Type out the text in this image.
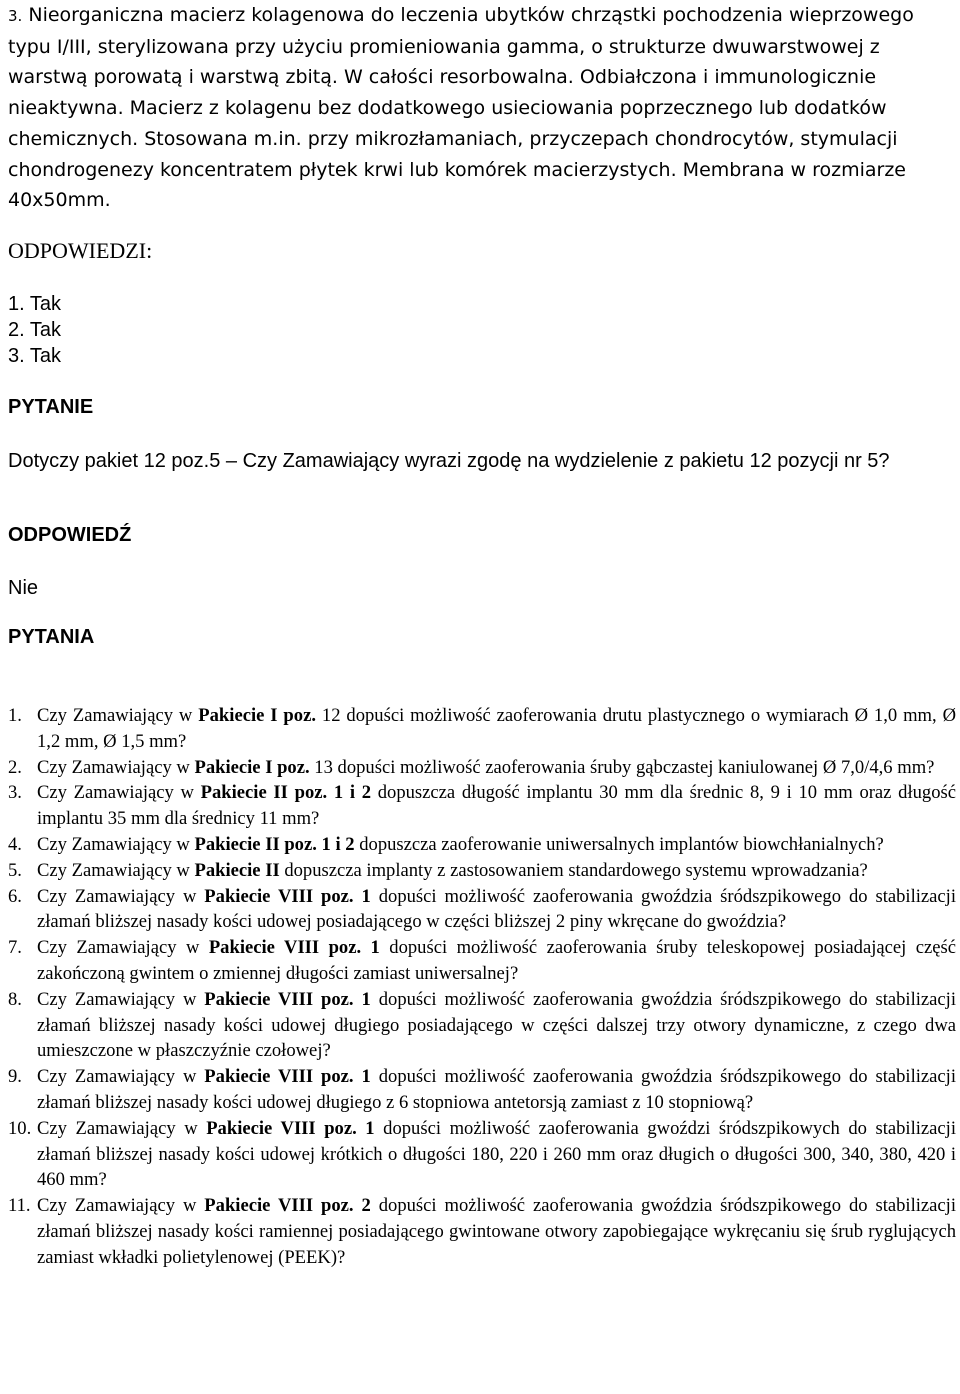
3. Nieorganiczna macierz kolagenowa do leczenia ubytków chrząstki pochodzenia wieprzowego typu I/III, sterylizowana przy użyciu promieniowania gamma, o strukturze dwuwarstwowej z warstwą porowatą i warstwą zbitą. W całości resorbowalna. Odbiałczona i immunologicznie nieaktywna. Macierz z kolagenu bez dodatkowego usieciowania poprzecznego lub dodatków chemicznych. Stosowana m.in. przy mikrozłamaniach, przyczepach chondrocytów, stymulacji chondrogenezy koncentratem płytek krwi lub komórek macierzystych. Membrana w rozmiarze 40x50mm.

ODPOWIEDZI:

1. Tak

2. Tak

3. Tak

PYTANIE

Dotyczy pakiet 12 poz.5 – Czy Zamawiający wyrazi zgodę na wydzielenie z pakietu 12 pozycji nr 5?

ODPOWIEDŹ

Nie

PYTANIA

1. Czy Zamawiający w Pakiecie I poz. 12 dopuści możliwość zaoferowania drutu plastycznego o wymiarach Ø 1,0 mm, Ø 1,2 mm, Ø 1,5 mm?
2. Czy Zamawiający w Pakiecie I poz. 13 dopuści możliwość zaoferowania śruby gąbczastej kaniulowanej Ø 7,0/4,6 mm?
3. Czy Zamawiający w Pakiecie II poz. 1 i 2 dopuszcza długość implantu 30 mm dla średnic 8, 9 i 10 mm oraz długość implantu 35 mm dla średnicy 11 mm?
4. Czy Zamawiający w Pakiecie II poz. 1 i 2 dopuszcza zaoferowanie uniwersalnych implantów biowchłanialnych?
5. Czy Zamawiający w Pakiecie II dopuszcza implanty z zastosowaniem standardowego systemu wprowadzania?
6. Czy Zamawiający w Pakiecie VIII poz. 1 dopuści możliwość zaoferowania gwoździa śródszpikowego do stabilizacji złamań bliższej nasady kości udowej posiadającego w części bliższej 2 piny wkręcane do gwoździa?
7. Czy Zamawiający w Pakiecie VIII poz. 1 dopuści możliwość zaoferowania śruby teleskopowej posiadającej część zakończoną gwintem o zmiennej długości zamiast uniwersalnej?
8. Czy Zamawiający w Pakiecie VIII poz. 1 dopuści możliwość zaoferowania gwoździa śródszpikowego do stabilizacji złamań bliższej nasady kości udowej długiego posiadającego w części dalszej trzy otwory dynamiczne, z czego dwa umieszczone w płaszczyźnie czołowej?
9. Czy Zamawiający w Pakiecie VIII poz. 1 dopuści możliwość zaoferowania gwoździa śródszpikowego do stabilizacji złamań bliższej nasady kości udowej długiego z 6 stopniowa antetorsją zamiast z 10 stopniową?
10. Czy Zamawiający w Pakiecie VIII poz. 1 dopuści możliwość zaoferowania gwoździ śródszpikowych do stabilizacji złamań bliższej nasady kości udowej krótkich o długości 180, 220 i 260 mm oraz długich o długości 300, 340, 380, 420 i 460 mm?
11. Czy Zamawiający w Pakiecie VIII poz. 2 dopuści możliwość zaoferowania gwoździa śródszpikowego do stabilizacji złamań bliższej nasady kości ramiennej posiadającego gwintowane otwory zapobiegające wykręcaniu się śrub ryglujących zamiast wkładki polietylenowej (PEEK)?
